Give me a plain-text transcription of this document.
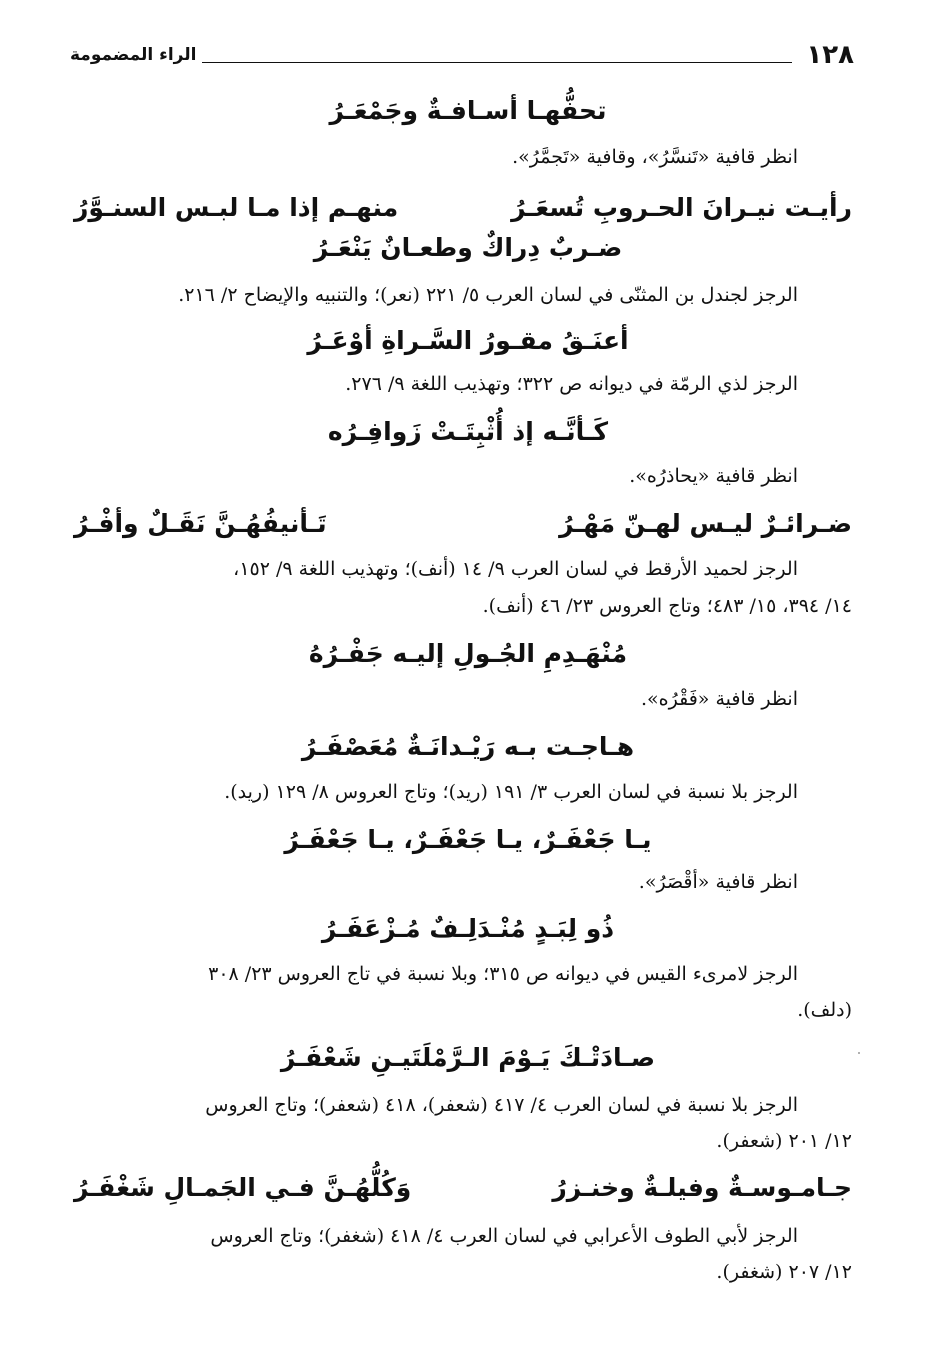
١٢٨
الراء المضمومة
تحفُّهـا أسـافـةٌ وجَمْعَـرُ
انظر قافية «تَنسَّرُ»، وقافية «تَجمَّرُ».
رأيـت نيـرانَ الحـروبِ تُسعَـرُ
منهـم إذا مـا لبـس السنـوَّرُ
ضـربٌ دِراكٌ وطعـانٌ يَنْعَـرُ
الرجز لجندل بن المثنّى في لسان العرب ٥/ ٢٢١ (نعر)؛ والتنبيه والإيضاح ٢/ ٢١٦.
أعنَـقُ مقـورُ السَّـراةِ أوْعَـرُ
الرجز لذي الرمّة في ديوانه ص ٣٢٢؛ وتهذيب اللغة ٩/ ٢٧٦.
كَـأنَّـه إذ أُثْبِتَـتْ زَوافِـرُه
انظر قافية «يحاذرُه».
ضـرائـرٌ ليـس لهـنّ مَهْـرُ
تَـأنيفُهُـنَّ نَقَـلٌ وأفْـرُ
الرجز لحميد الأرقط في لسان العرب ٩/ ١٤ (أنف)؛ وتهذيب اللغة ٩/ ١٥٢،
١٤/ ٣٩٤، ١٥/ ٤٨٣؛ وتاج العروس ٢٣/ ٤٦ (أنف).
مُنْهَـدِمِ الجُـولِ إليـه جَفْـرُهُ
انظر قافية «فَقْرُه».
هـاجـت بـه رَيْـدانَـةٌ مُعَصْفَـرُ
الرجز بلا نسبة في لسان العرب ٣/ ١٩١ (ريد)؛ وتاج العروس ٨/ ١٢٩ (ريد).
يـا جَعْفَـرٌ، يـا جَعْفَـرٌ، يـا جَعْفَـرُ
انظر قافية «أقْصَرُ».
ذُو لِبَـدٍ مُنْـدَلِـفٌ مُـزْعَفَـرُ
الرجز لامرىء القيس في ديوانه ص ٣١٥؛ وبلا نسبة في تاج العروس ٢٣/ ٣٠٨
(دلف).
صـادَتْـكَ يَـوْمَ الـرَّمْلَتَيـنِ شَعْفَـرُ
الرجز بلا نسبة في لسان العرب ٤/ ٤١٧ (شعفر)، ٤١٨ (شعفر)؛ وتاج العروس
١٢/ ٢٠١ (شعفر).
جـامـوسـةٌ وفيلـةٌ وخنـزرُ
وَكُلُّهُـنَّ فـي الجَمـالِ شَغْفَـرُ
الرجز لأبي الطوف الأعرابي في لسان العرب ٤/ ٤١٨ (شغفر)؛ وتاج العروس
١٢/ ٢٠٧ (شغفر).
